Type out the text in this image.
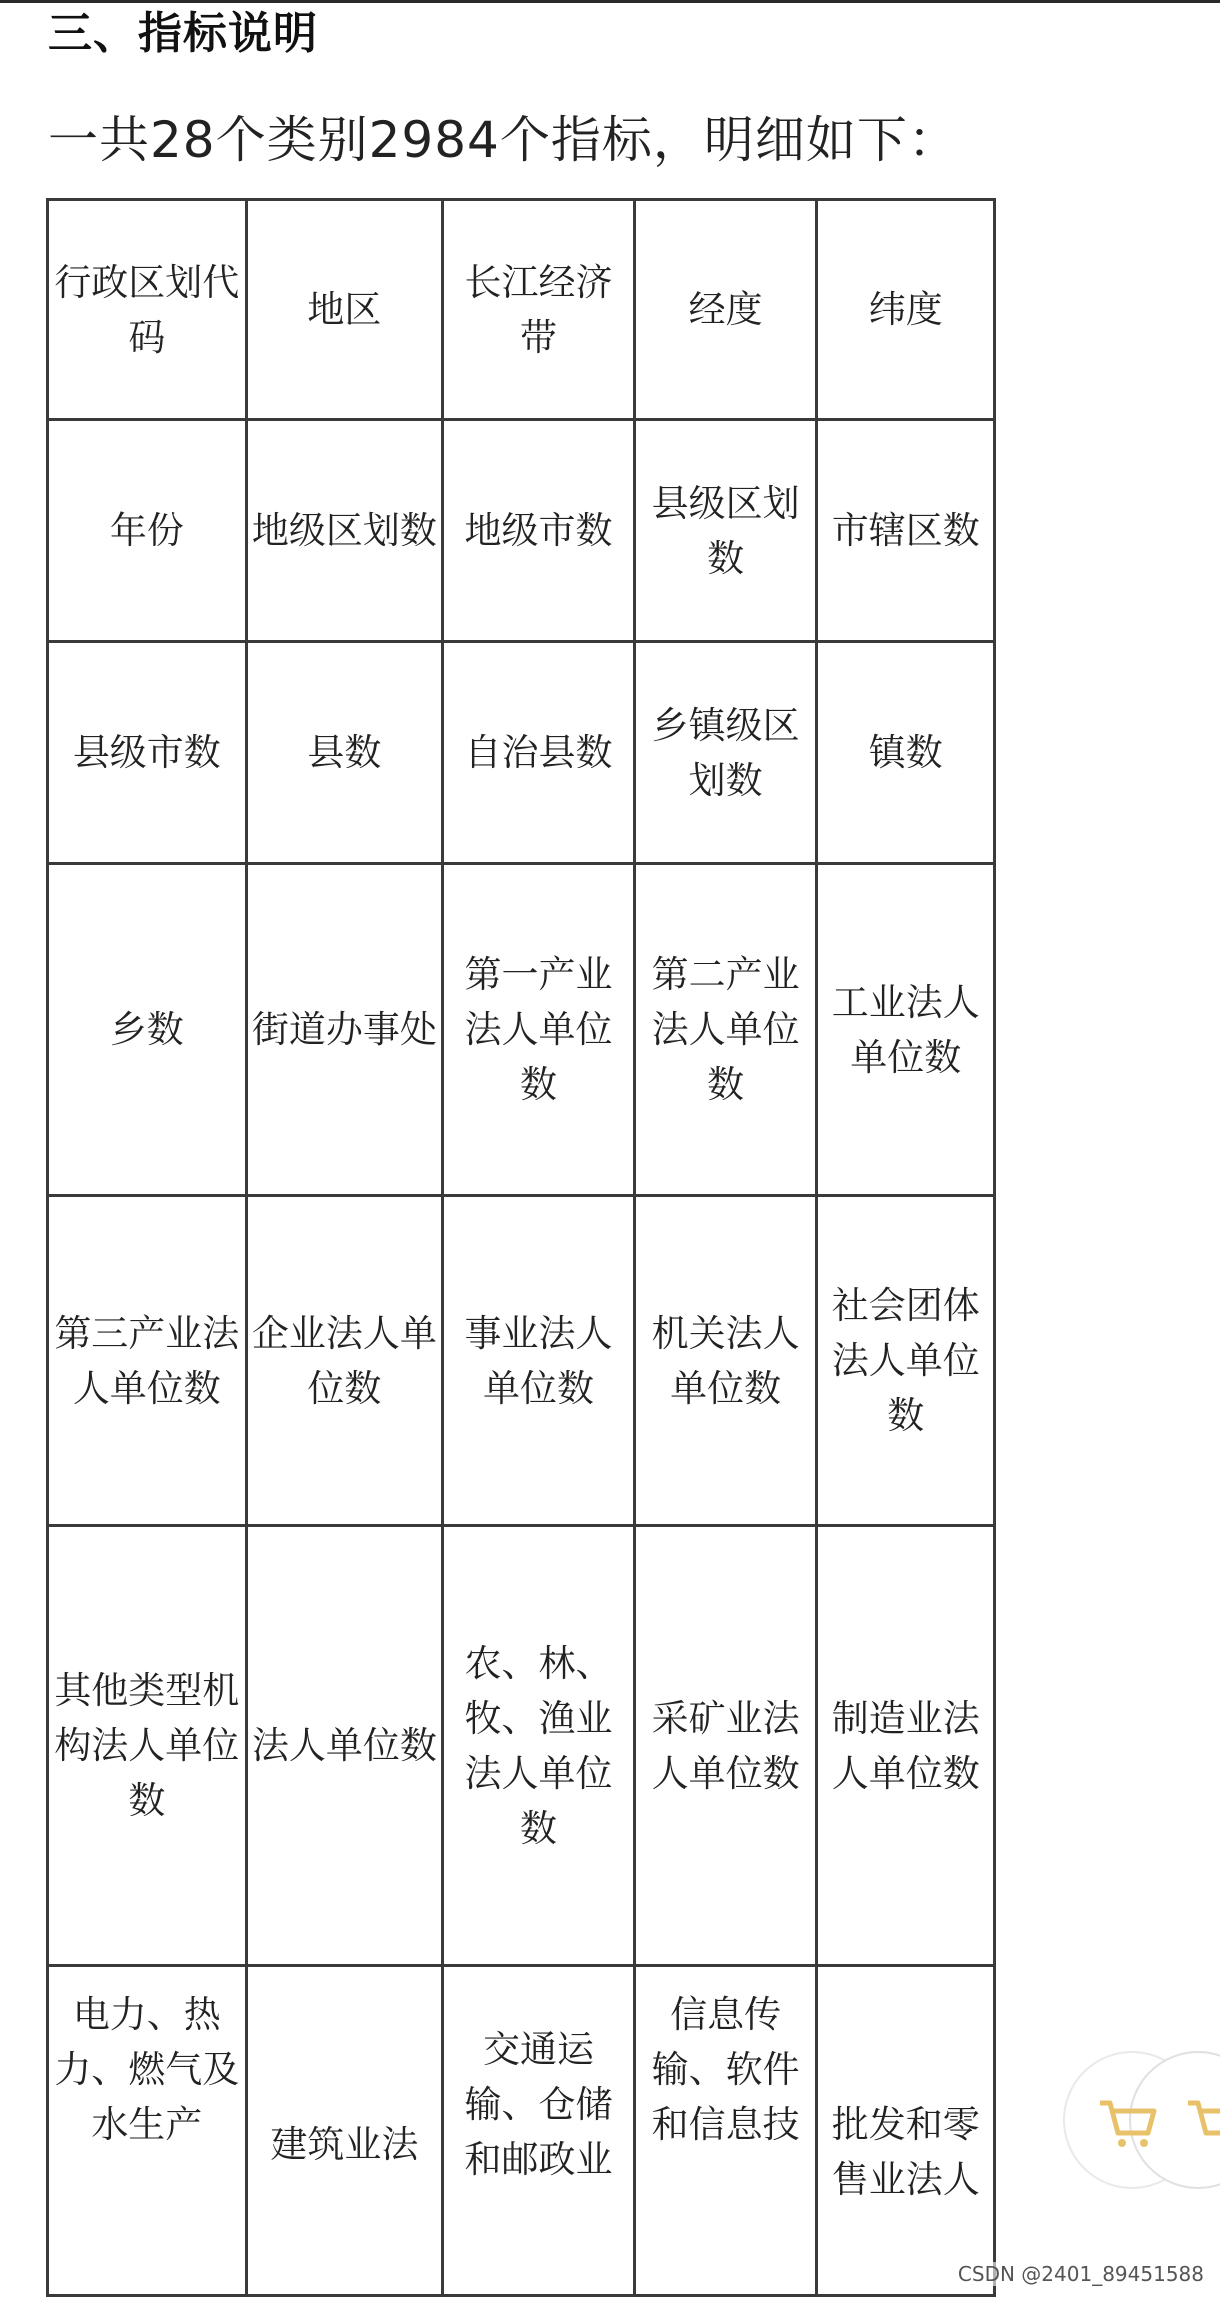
三、指标说明
一共28个类别2984个指标，明细如下：
行政区划代码	地区	长江经济带	经度	纬度
年份	地级区划数	地级市数	县级区划数	市辖区数
县级市数	县数	自治县数	乡镇级区划数	镇数
乡数	街道办事处	第一产业法人单位数	第二产业法人单位数	工业法人单位数
第三产业法人单位数	企业法人单位数	事业法人单位数	机关法人单位数	社会团体法人单位数
其他类型机构法人单位数	法人单位数	农、林、牧、渔业法人单位数	采矿业法人单位数	制造业法人单位数
电力、热力、燃气及水生产	建筑业法	交通运输、仓储和邮政业	信息传输、软件和信息技	批发和零售业法人
CSDN @2401_89451588
